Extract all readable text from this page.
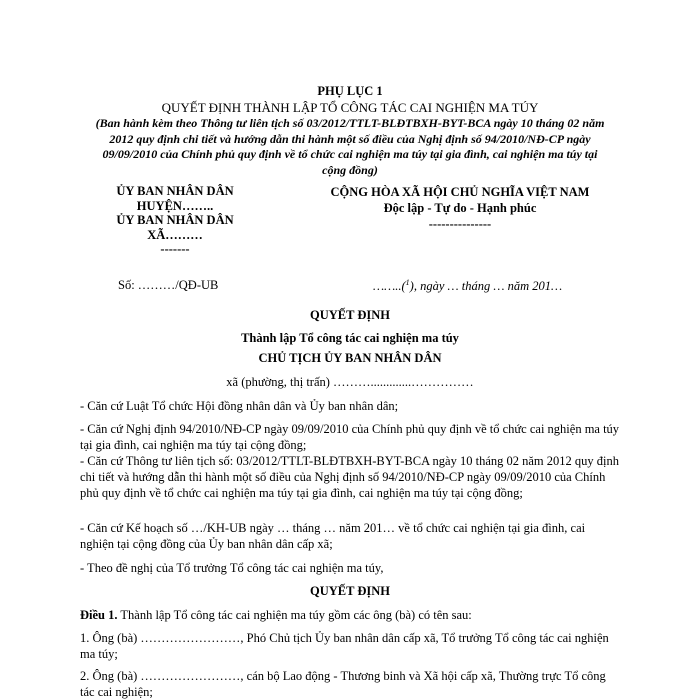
PHỤ LỤC 1
QUYẾT ĐỊNH THÀNH LẬP TỔ CÔNG TÁC CAI NGHIỆN MA TÚY
(Ban hành kèm theo Thông tư liên tịch số 03/2012/TTLT-BLĐTBXH-BYT-BCA ngày 10 tháng 02 năm 2012 quy định chi tiết và hướng dẫn thi hành một số điều của Nghị định số 94/2010/NĐ-CP ngày 09/09/2010 của Chính phủ quy định về tổ chức cai nghiện ma túy tại gia đình, cai nghiện ma túy tại cộng đồng)
ỦY BAN NHÂN DÂN
HUYỆN……..
ỦY BAN NHÂN DÂN
XÃ………
-------
CỘNG HÒA XÃ HỘI CHỦ NGHĨA VIỆT NAM
Độc lập - Tự do - Hạnh phúc
---------------
Số: ………/QĐ-UB	……..($^1$), ngày … tháng … năm 201…
QUYẾT ĐỊNH
Thành lập Tổ công tác cai nghiện ma túy
CHỦ TỊCH ỦY BAN NHÂN DÂN
xã (phường, thị trấn) ……….............……………
- Căn cứ Luật Tổ chức Hội đồng nhân dân và Ủy ban nhân dân;
- Căn cứ Nghị định 94/2010/NĐ-CP ngày 09/09/2010 của Chính phủ quy định về tổ chức cai nghiện ma túy tại gia đình, cai nghiện ma túy tại cộng đồng;
- Căn cứ Thông tư liên tịch số: 03/2012/TTLT-BLĐTBXH-BYT-BCA ngày 10 tháng 02 năm 2012 quy định chi tiết và hướng dẫn thi hành một số điều của Nghị định số 94/2010/NĐ-CP ngày 09/09/2010 của Chính phủ quy định về tổ chức cai nghiện ma túy tại gia đình, cai nghiện ma túy tại cộng đồng;
- Căn cứ Kế hoạch số …/KH-UB ngày … tháng … năm 201… về tổ chức cai nghiện tại gia đình, cai nghiện tại cộng đồng của Ủy ban nhân dân cấp xã;
- Theo đề nghị của Tổ trưởng Tổ công tác cai nghiện ma túy,
QUYẾT ĐỊNH
Điều 1. Thành lập Tổ công tác cai nghiện ma túy gồm các ông (bà) có tên sau:
1. Ông (bà) ……………………, Phó Chủ tịch Ủy ban nhân dân cấp xã, Tổ trưởng Tổ công tác cai nghiện ma túy;
2. Ông (bà) ……………………, cán bộ Lao động - Thương binh và Xã hội cấp xã, Thường trực Tổ công tác cai nghiện;
